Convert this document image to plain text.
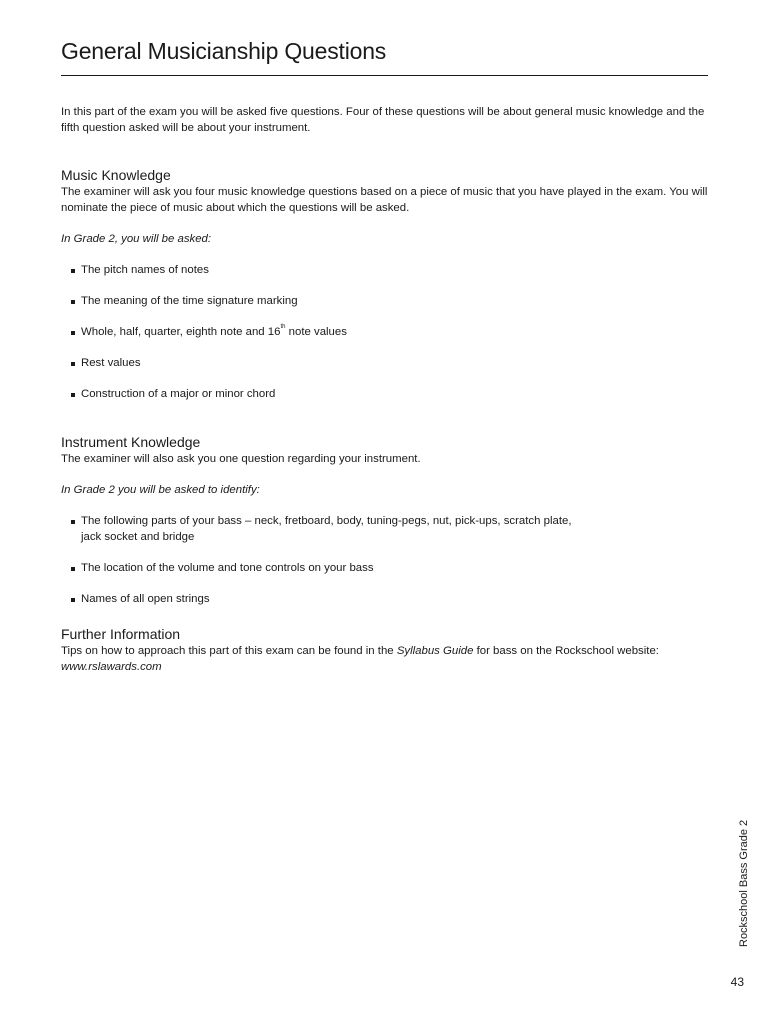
General Musicianship Questions

In this part of the exam you will be asked five questions. Four of these questions will be about general music knowledge and the fifth question asked will be about your instrument.

Music Knowledge

The examiner will ask you four music knowledge questions based on a piece of music that you have played in the exam. You will nominate the piece of music about which the questions will be asked.

In Grade 2, you will be asked:

The pitch names of notes
The meaning of the time signature marking
Whole, half, quarter, eighth note and 16th note values
Rest values
Construction of a major or minor chord
Instrument Knowledge

The examiner will also ask you one question regarding your instrument.

In Grade 2 you will be asked to identify:

The following parts of your bass – neck, fretboard, body, tuning-pegs, nut, pick-ups, scratch plate,
jack socket and bridge
The location of the volume and tone controls on your bass
Names of all open strings
Further Information

Tips on how to approach this part of this exam can be found in the Syllabus Guide for bass on the Rockschool website:
www.rslawards.com

Rockschool Bass Grade 2
43
